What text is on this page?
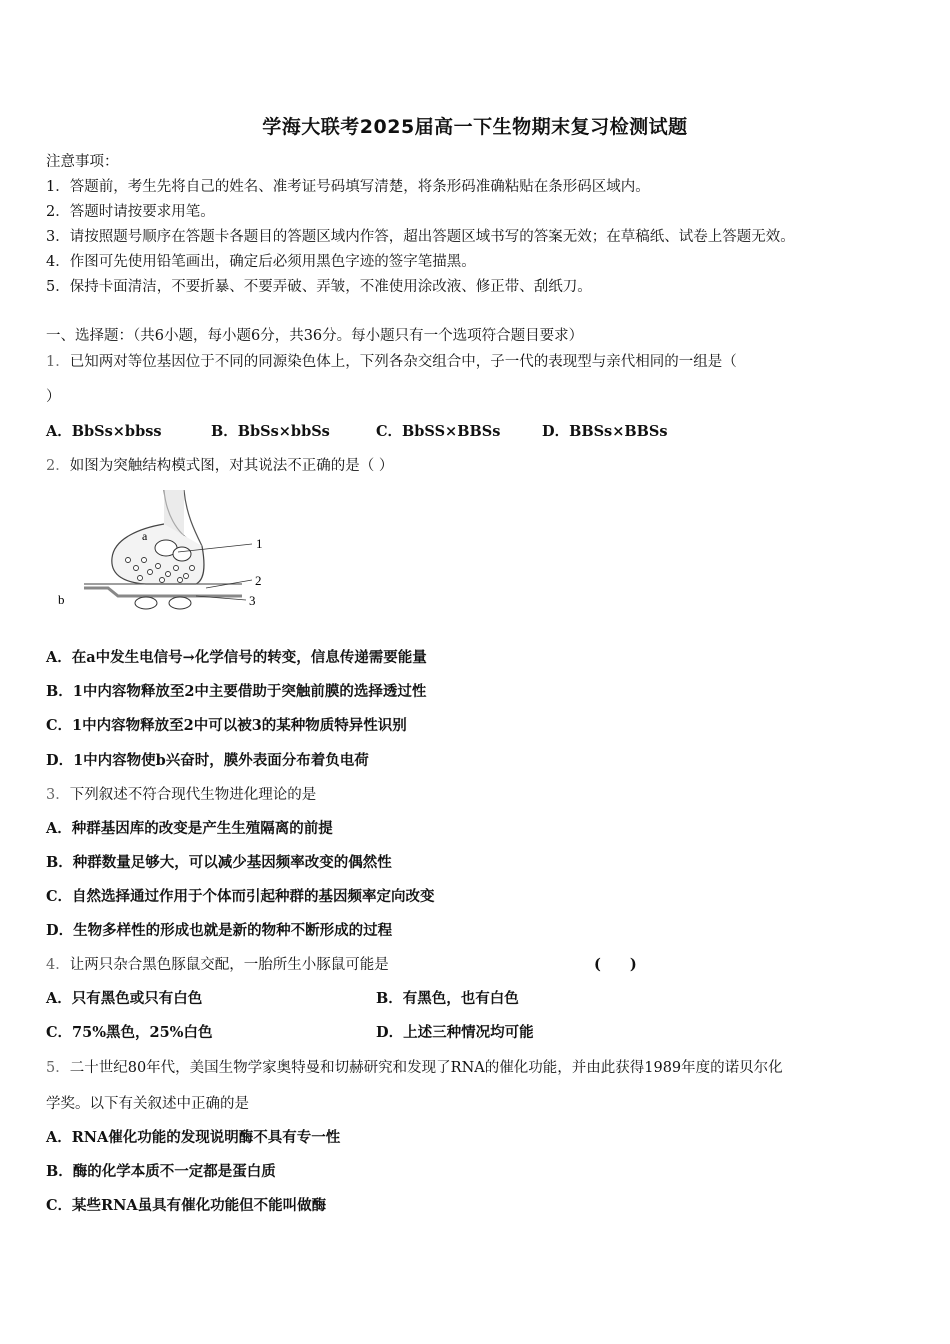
学海大联考2025届高一下生物期末复习检测试题
注意事项：
1．答题前，考生先将自己的姓名、准考证号码填写清楚，将条形码准确粘贴在条形码区域内。
2．答题时请按要求用笔。
3．请按照题号顺序在答题卡各题目的答题区域内作答，超出答题区域书写的答案无效；在草稿纸、试卷上答题无效。
4．作图可先使用铅笔画出，确定后必须用黑色字迹的签字笔描黑。
5．保持卡面清洁，不要折暴、不要弄破、弄皱，不准使用涂改液、修正带、刮纸刀。
一、选择题：（共6小题，每小题6分，共36分。每小题只有一个选项符合题目要求）
1．已知两对等位基因位于不同的同源染色体上，下列各杂交组合中，子一代的表现型与亲代相同的一组是（
）
A．BbSs×bbss	B．BbSs×bbSs	C．BbSS×BBSs	D．BBSs×BBSs
2．如图为突触结构模式图，对其说法不正确的是（ ）
a
b
1
2
3
A．在a中发生电信号→化学信号的转变，信息传递需要能量
B．1中内容物释放至2中主要借助于突触前膜的选择透过性
C．1中内容物释放至2中可以被3的某种物质特异性识别
D．1中内容物使b兴奋时，膜外表面分布着负电荷
3．下列叙述不符合现代生物进化理论的是
A．种群基因库的改变是产生生殖隔离的前提
B．种群数量足够大，可以减少基因频率改变的偶然性
C．自然选择通过作用于个体而引起种群的基因频率定向改变
D．生物多样性的形成也就是新的物种不断形成的过程
4．让两只杂合黑色豚鼠交配，一胎所生小豚鼠可能是	(　　)
A．只有黑色或只有白色	B．有黑色，也有白色
C．75%黑色，25%白色	D．上述三种情况均可能
5．二十世纪80年代，美国生物学家奥特曼和切赫研究和发现了RNA的催化功能，并由此获得1989年度的诺贝尔化
学奖。以下有关叙述中正确的是
A．RNA催化功能的发现说明酶不具有专一性
B．酶的化学本质不一定都是蛋白质
C．某些RNA虽具有催化功能但不能叫做酶
